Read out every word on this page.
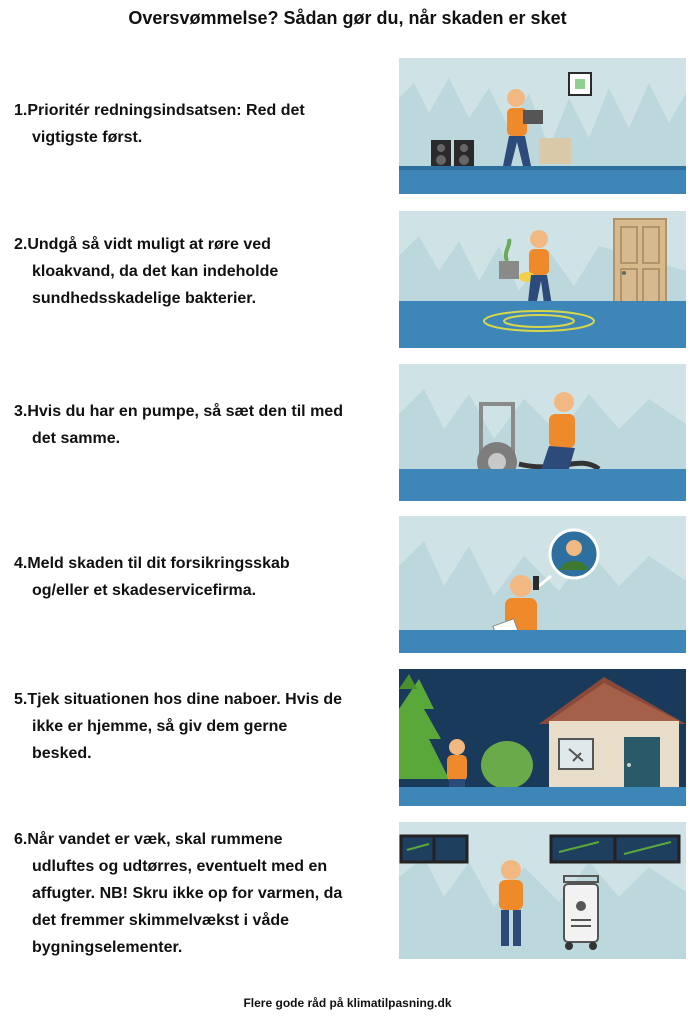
Oversvømmelse? Sådan gør du, når skaden er sket
1.Prioritér redningsindsatsen: Red det
vigtigste først.
2.Undgå så vidt muligt at røre ved
kloakvand, da det kan indeholde
sundhedsskadelige bakterier.
3.Hvis du har en pumpe, så sæt den til med
det samme.
4.Meld skaden til dit forsikringsskab
og/eller et skadeservicefirma.
5.Tjek situationen hos dine naboer. Hvis de
ikke er hjemme, så giv dem gerne
besked.
6.Når vandet er væk, skal rummene
udluftes og udtørres, eventuelt med en
affugter. NB! Skru ikke op for varmen, da
det fremmer skimmelvækst i våde
bygningselementer.
Flere gode råd på klimatilpasning.dk
